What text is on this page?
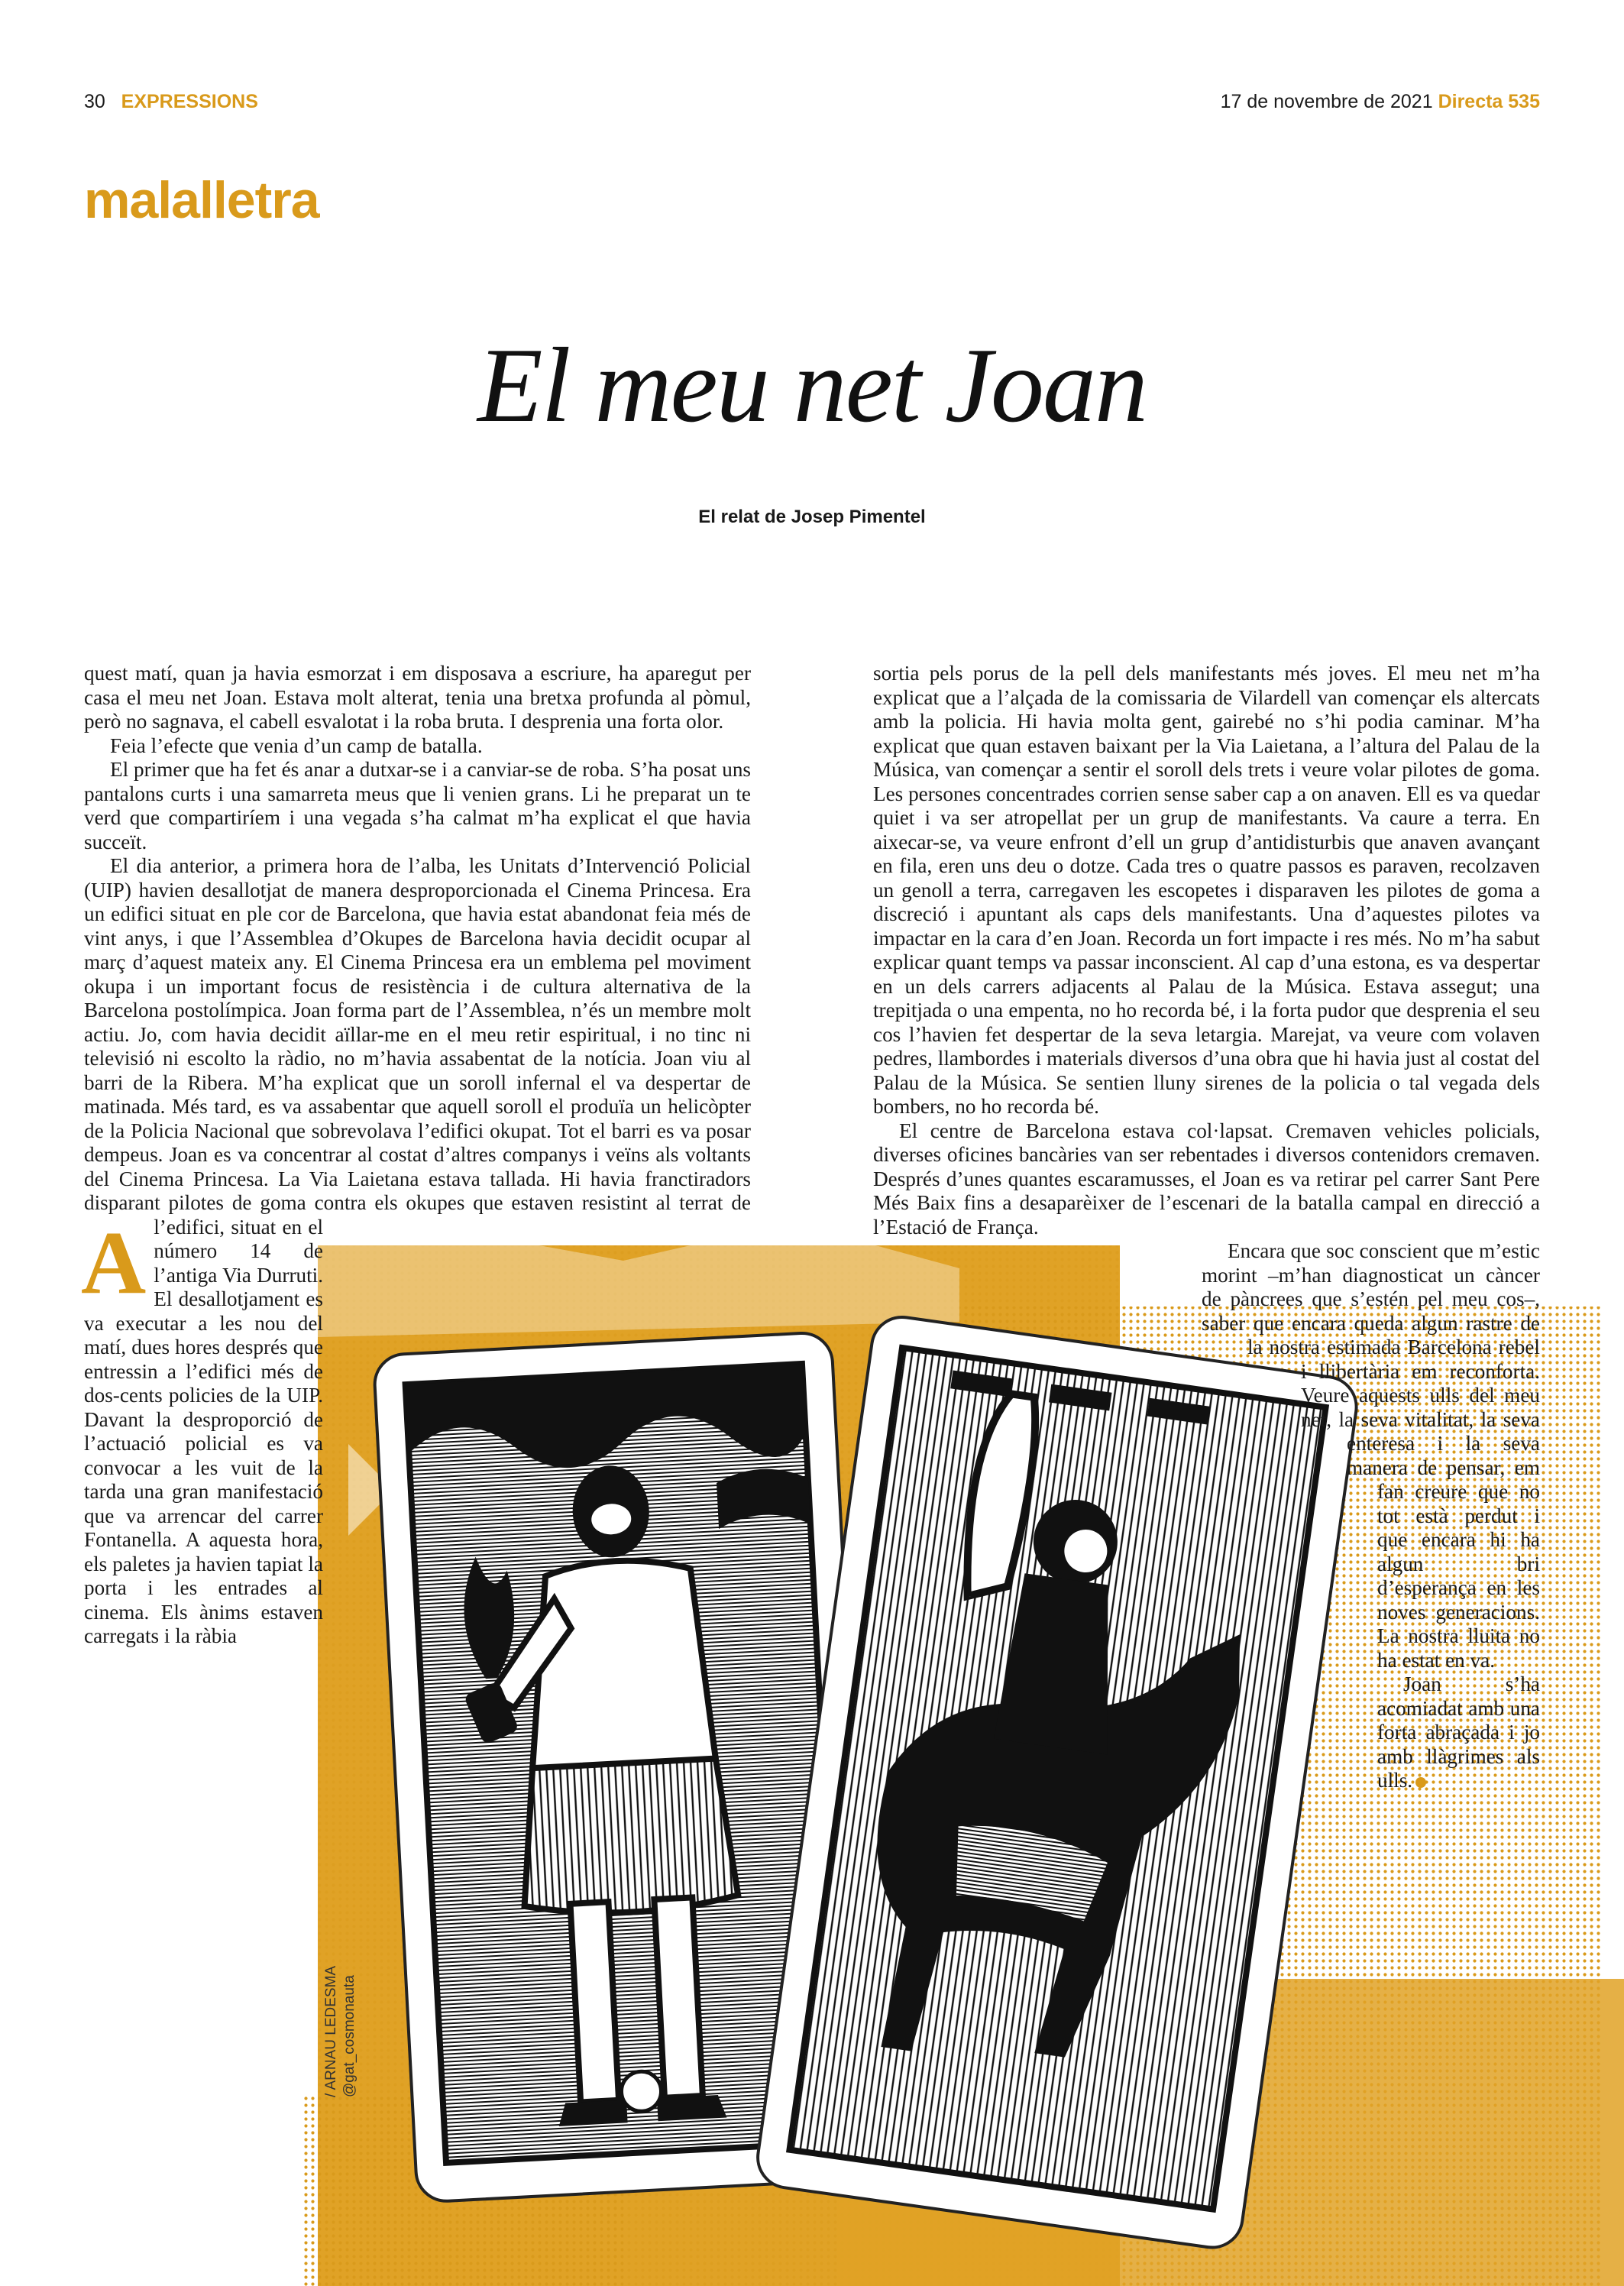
30 EXPRESSIONS	17 de novembre de 2021 Directa 535
malalletra
El meu net Joan
El relat de Josep Pimentel
/ ARNAU LEDESMA @gat_cosmonauta

A
quest matí, quan ja havia esmorzat i em disposava a escriure, ha aparegut per casa el meu net Joan. Estava molt alterat, tenia una bretxa profunda al pòmul, però no sagnava, el cabell esvalotat i la roba bruta. I desprenia una forta olor.

Feia l’efecte que venia d’un camp de batalla.

El primer que ha fet és anar a dutxar-se i a canviar-se de roba. S’ha posat uns pantalons curts i una samarreta meus que li venien grans. Li he preparat un te verd que compartiríem i una vegada s’ha calmat m’ha explicat el que havia succeït.

El dia anterior, a primera hora de l’alba, les Unitats d’Intervenció Policial (UIP) havien desallotjat de manera desproporcionada el Cinema Princesa. Era un edifici situat en ple cor de Barcelona, que havia estat abandonat feia més de vint anys, i que l’Assemblea d’Okupes de Barcelona havia decidit ocupar al març d’aquest mateix any. El Cinema Princesa era un emblema pel moviment okupa i un important focus de resistència i de cultura alternativa de la Barcelona postolímpica. Joan forma part de l’Assemblea, n’és un membre molt actiu. Jo, com havia decidit aïllar-me en el meu retir espiritual, i no tinc ni televisió ni escolto la ràdio, no m’havia assabentat de la notícia. Joan viu al barri de la Ribera. M’ha explicat que un soroll infernal el va despertar de matinada. Més tard, es va assabentar que aquell soroll el produïa un helicòpter de la Policia Nacional que sobrevolava l’edifici okupat. Tot el barri es va posar dempeus. Joan es va concentrar al costat d’altres companys i veïns als voltants del Cinema Princesa. La Via Laietana estava tallada. Hi havia franctiradors disparant pilotes de goma contra els okupes que estaven resistint al terrat de l’edifici, situat en el número 14 de l’antiga Via Durruti. El desallotjament es va executar a les nou del matí, dues hores després que entressin a l’edifici més de dos-cents policies de la UIP. Davant la desproporció de l’actuació policial es va convocar a les vuit de la tarda una gran manifestació que va arrencar del carrer Fontanella. A aquesta hora, els paletes ja havien tapiat la porta i les entrades al cinema. Els ànims estaven carregats i la ràbia

sortia pels porus de la pell dels manifestants més joves. El meu net m’ha explicat que a l’alçada de la comissaria de Vilardell van començar els altercats amb la policia. Hi havia molta gent, gairebé no s’hi podia caminar. M’ha explicat que quan estaven baixant per la Via Laietana, a l’altura del Palau de la Música, van començar a sentir el soroll dels trets i veure volar pilotes de goma. Les persones concentrades corrien sense saber cap a on anaven. Ell es va quedar quiet i va ser atropellat per un grup de manifestants. Va caure a terra. En aixecar-se, va veure enfront d’ell un grup d’antidisturbis que anaven avançant en fila, eren uns deu o dotze. Cada tres o quatre passos es paraven, recolzaven un genoll a terra, carregaven les escopetes i disparaven les pilotes de goma a discreció i apuntant als caps dels manifestants. Una d’aquestes pilotes va impactar en la cara d’en Joan. Recorda un fort impacte i res més. No m’ha sabut explicar quant temps va passar inconscient. Al cap d’una estona, es va despertar en un dels carrers adjacents al Palau de la Música. Estava assegut; una trepitjada o una empenta, no ho recorda bé, i la forta pudor que desprenia el seu cos l’havien fet despertar de la seva letargia. Marejat, va veure com volaven pedres, llambordes i materials diversos d’una obra que hi havia just al costat del Palau de la Música. Se sentien lluny sirenes de la policia o tal vegada dels bombers, no ho recorda bé.

El centre de Barcelona estava col·lapsat. Cremaven vehicles policials, diverses oficines bancàries van ser rebentades i diversos contenidors cremaven. Després d’unes quantes escaramusses, el Joan es va retirar pel carrer Sant Pere Més Baix fins a desaparèixer de l’escenari de la batalla campal en direcció a l’Estació de França.

Encara que soc conscient que m’estic morint –m’han diagnosticat un càncer de pàncrees que s’estén pel meu cos–, saber que encara queda algun rastre de la nostra estimada Barcelona rebel i llibertària em reconforta. Veure aquests ulls del meu net, la seva vitalitat, la seva enteresa i la seva manera de pensar, em fan creure que no tot està perdut i que encara hi ha algun bri d’esperança en les noves generacions. La nostra lluita no ha estat en va.

Joan s’ha acomiadat amb una forta abraçada i jo amb llàgrimes als ulls.
